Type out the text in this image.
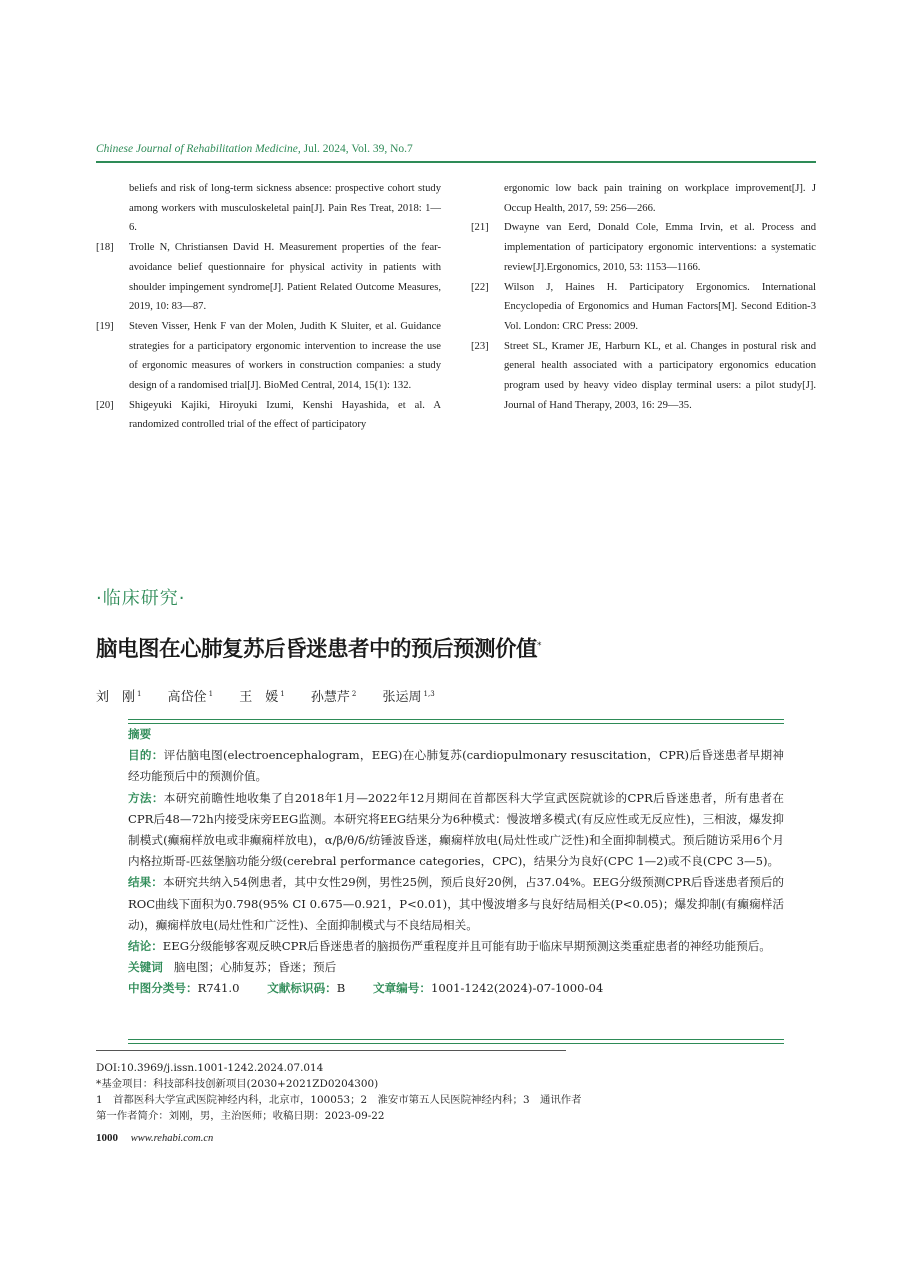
Chinese Journal of Rehabilitation Medicine, Jul. 2024, Vol. 39, No.7

beliefs and risk of long-term sickness absence: prospective cohort study among workers with musculoskeletal pain[J]. Pain Res Treat, 2018: 1—6.

[18] Trolle N, Christiansen David H. Measurement properties of the fear-avoidance belief questionnaire for physical activity in patients with shoulder impingement syndrome[J]. Patient Related Outcome Measures, 2019, 10: 83—87.

[19] Steven Visser, Henk F van der Molen, Judith K Sluiter, et al. Guidance strategies for a participatory ergonomic intervention to increase the use of ergonomic measures of workers in construction companies: a study design of a randomised trial[J]. BioMed Central, 2014, 15(1): 132.

[20] Shigeyuki Kajiki, Hiroyuki Izumi, Kenshi Hayashida, et al. A randomized controlled trial of the effect of participatory

ergonomic low back pain training on workplace improvement[J]. J Occup Health, 2017, 59: 256—266.

[21] Dwayne van Eerd, Donald Cole, Emma Irvin, et al. Process and implementation of participatory ergonomic interventions: a systematic review[J].Ergonomics, 2010, 53: 1153—1166.

[22] Wilson J, Haines H. Participatory Ergonomics. International Encyclopedia of Ergonomics and Human Factors[M]. Second Edition-3 Vol. London: CRC Press: 2009.

[23] Street SL, Kramer JE, Harburn KL, et al. Changes in postural risk and general health associated with a participatory ergonomics education program used by heavy video display terminal users: a pilot study[J]. Journal of Hand Therapy, 2003, 16: 29—35.

·临床研究·
脑电图在心肺复苏后昏迷患者中的预后预测价值*
刘　刚 $^1$ 高岱佺 $^1$ 王　媛 $^1$ 孙慧芹 $^2$ 张运周 $^{1,3}$

摘要

目的：评估脑电图(electroencephalogram，EEG)在心肺复苏(cardiopulmonary resuscitation，CPR)后昏迷患者早期神经功能预后中的预测价值。

方法：本研究前瞻性地收集了自2018年1月—2022年12月期间在首都医科大学宣武医院就诊的CPR后昏迷患者，所有患者在CPR后48—72h内接受床旁EEG监测。本研究将EEG结果分为6种模式：慢波增多模式(有反应性或无反应性)，三相波，爆发抑制模式(癫痫样放电或非癫痫样放电)，α/β/θ/δ/纺锤波昏迷，癫痫样放电(局灶性或广泛性)和全面抑制模式。预后随访采用6个月内格拉斯哥-匹兹堡脑功能分级(cerebral performance categories，CPC)，结果分为良好(CPC 1—2)或不良(CPC 3—5)。

结果：本研究共纳入54例患者，其中女性29例，男性25例，预后良好20例，占37.04%。EEG分级预测CPR后昏迷患者预后的ROC曲线下面积为0.798(95% CI 0.675—0.921，P<0.01)，其中慢波增多与良好结局相关(P<0.05)；爆发抑制(有癫痫样活动)，癫痫样放电(局灶性和广泛性)、全面抑制模式与不良结局相关。

结论：EEG分级能够客观反映CPR后昏迷患者的脑损伤严重程度并且可能有助于临床早期预测这类重症患者的神经功能预后。

关键词 脑电图；心肺复苏；昏迷；预后

中图分类号：R741.0 文献标识码：B 文章编号：1001-1242(2024)-07-1000-04

DOI:10.3969/j.issn.1001-1242.2024.07.014

*基金项目：科技部科技创新项目(2030+2021ZD0204300)

1　首都医科大学宣武医院神经内科，北京市，100053；2　淮安市第五人民医院神经内科；3　通讯作者

第一作者简介：刘刚，男，主治医师；收稿日期：2023-09-22

1000 www.rehabi.com.cn
